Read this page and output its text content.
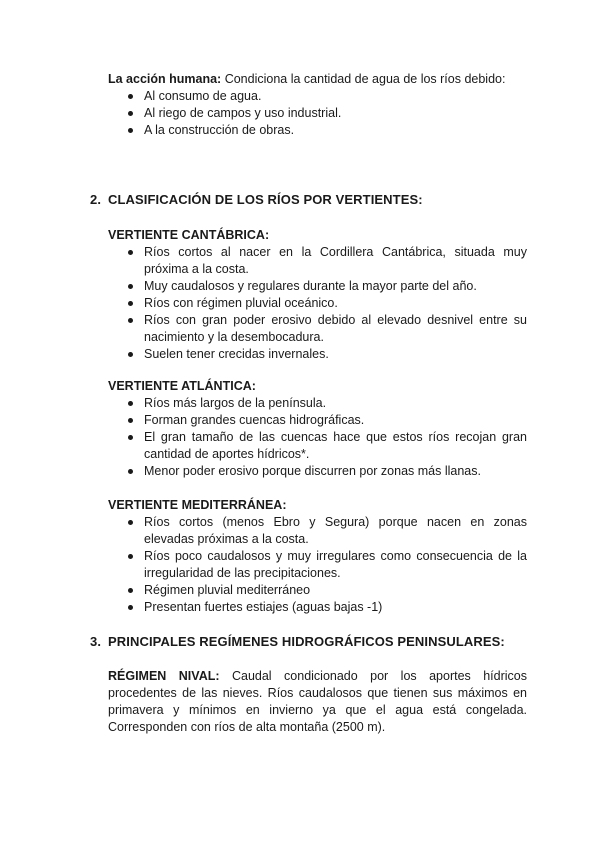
La acción humana: Condiciona la cantidad de agua de los ríos debido:
Al consumo de agua.
Al riego de campos y uso industrial.
A la construcción de obras.
2. CLASIFICACIÓN DE LOS RÍOS POR VERTIENTES:
VERTIENTE CANTÁBRICA:
Ríos cortos al nacer en la Cordillera Cantábrica, situada muy próxima a la costa.
Muy caudalosos y regulares durante la mayor parte del año.
Ríos con régimen pluvial oceánico.
Ríos con gran poder erosivo debido al elevado desnivel entre su nacimiento y la desembocadura.
Suelen tener crecidas invernales.
VERTIENTE ATLÁNTICA:
Ríos más largos de la península.
Forman grandes cuencas hidrográficas.
El gran tamaño de las cuencas hace que estos ríos recojan gran cantidad de aportes hídricos*.
Menor poder erosivo porque discurren por zonas más llanas.
VERTIENTE MEDITERRÁNEA:
Ríos cortos (menos Ebro y Segura) porque nacen en zonas elevadas próximas a la costa.
Ríos poco caudalosos y muy irregulares como consecuencia de la irregularidad de las precipitaciones.
Régimen pluvial mediterráneo
Presentan fuertes estiajes (aguas bajas -1)
3. PRINCIPALES REGÍMENES HIDROGRÁFICOS PENINSULARES:
RÉGIMEN NIVAL: Caudal condicionado por los aportes hídricos procedentes de las nieves. Ríos caudalosos que tienen sus máximos en primavera y mínimos en invierno ya que el agua está congelada. Corresponden con ríos de alta montaña (2500 m).
